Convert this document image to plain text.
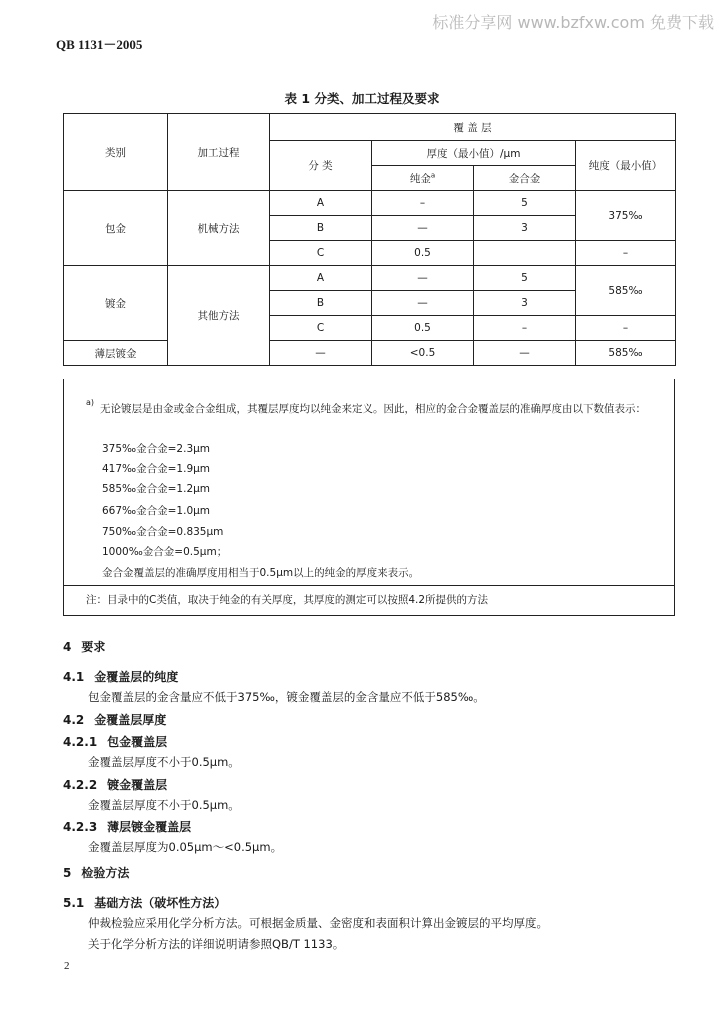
QB 1131－2005
标准分享网 www.bzfxw.com 免费下载
表 1 分类、加工过程及要求
类别	加工过程	覆 盖 层			
		分 类	厚度（最小值）/μm		纯度（最小值）
			纯金$^a$	金合金	
包金	机械方法	A	–	5	375‰
		B	—	3	
		C	0.5		–
镀金	其他方法	A	—	5	585‰
		B	—	3	
		C	0.5	–	–
薄层镀金		—	<0.5	—	585‰
a)
无论镀层是由金或金合金组成，其覆层厚度均以纯金来定义。因此，相应的金合金覆盖层的准确厚度由以下数值表示：
375‰金合金=2.3μm
417‰金合金=1.9μm
585‰金合金=1.2μm
667‰金合金=1.0μm
750‰金合金=0.835μm
1000‰金合金=0.5μm；
金合金覆盖层的准确厚度用相当于0.5μm以上的纯金的厚度来表示。
注：目录中的C类值，取决于纯金的有关厚度，其厚度的测定可以按照4.2所提供的方法
4 要求
4.1 金覆盖层的纯度
包金覆盖层的金含量应不低于375‰，镀金覆盖层的金含量应不低于585‰。
4.2 金覆盖层厚度
4.2.1 包金覆盖层
金覆盖层厚度不小于0.5μm。
4.2.2 镀金覆盖层
金覆盖层厚度不小于0.5μm。
4.2.3 薄层镀金覆盖层
金覆盖层厚度为0.05μm～<0.5μm。
5 检验方法
5.1 基础方法（破坏性方法）
仲裁检验应采用化学分析方法。可根据金质量、金密度和表面积计算出金镀层的平均厚度。
关于化学分析方法的详细说明请参照QB/T 1133。
2
